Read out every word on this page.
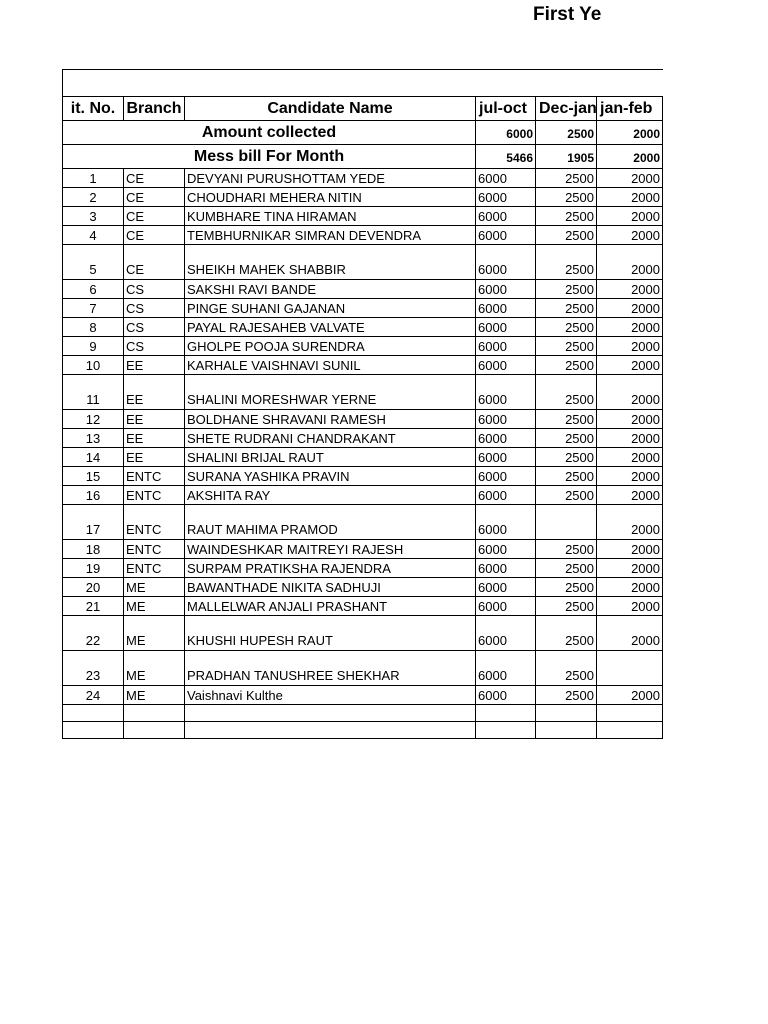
it. No.	Branch	Candidate Name	jul-oct	Dec-jan	jan-feb
Amount collected			6000	2500	2000
Mess bill For Month			5466	1905	2000
1	CE	DEVYANI PURUSHOTTAM YEDE	6000	2500	2000
2	CE	CHOUDHARI MEHERA NITIN	6000	2500	2000
3	CE	KUMBHARE TINA HIRAMAN	6000	2500	2000
4	CE	TEMBHURNIKAR SIMRAN DEVENDRA	6000	2500	2000
5	CE	SHEIKH MAHEK SHABBIR	6000	2500	2000
6	CS	SAKSHI RAVI BANDE	6000	2500	2000
7	CS	PINGE SUHANI GAJANAN	6000	2500	2000
8	CS	PAYAL RAJESAHEB VALVATE	6000	2500	2000
9	CS	GHOLPE POOJA SURENDRA	6000	2500	2000
10	EE	KARHALE VAISHNAVI SUNIL	6000	2500	2000
11	EE	SHALINI MORESHWAR YERNE	6000	2500	2000
12	EE	BOLDHANE SHRAVANI RAMESH	6000	2500	2000
13	EE	SHETE RUDRANI CHANDRAKANT	6000	2500	2000
14	EE	SHALINI BRIJAL RAUT	6000	2500	2000
15	ENTC	SURANA YASHIKA PRAVIN	6000	2500	2000
16	ENTC	AKSHITA RAY	6000	2500	2000
17	ENTC	RAUT MAHIMA PRAMOD	6000		2000
18	ENTC	WAINDESHKAR MAITREYI RAJESH	6000	2500	2000
19	ENTC	SURPAM PRATIKSHA RAJENDRA	6000	2500	2000
20	ME	BAWANTHADE NIKITA SADHUJI	6000	2500	2000
21	ME	MALLELWAR ANJALI PRASHANT	6000	2500	2000
22	ME	KHUSHI HUPESH RAUT	6000	2500	2000
23	ME	PRADHAN TANUSHREE SHEKHAR	6000	2500	
24	ME	Vaishnavi Kulthe	6000	2500	2000

First Ye
